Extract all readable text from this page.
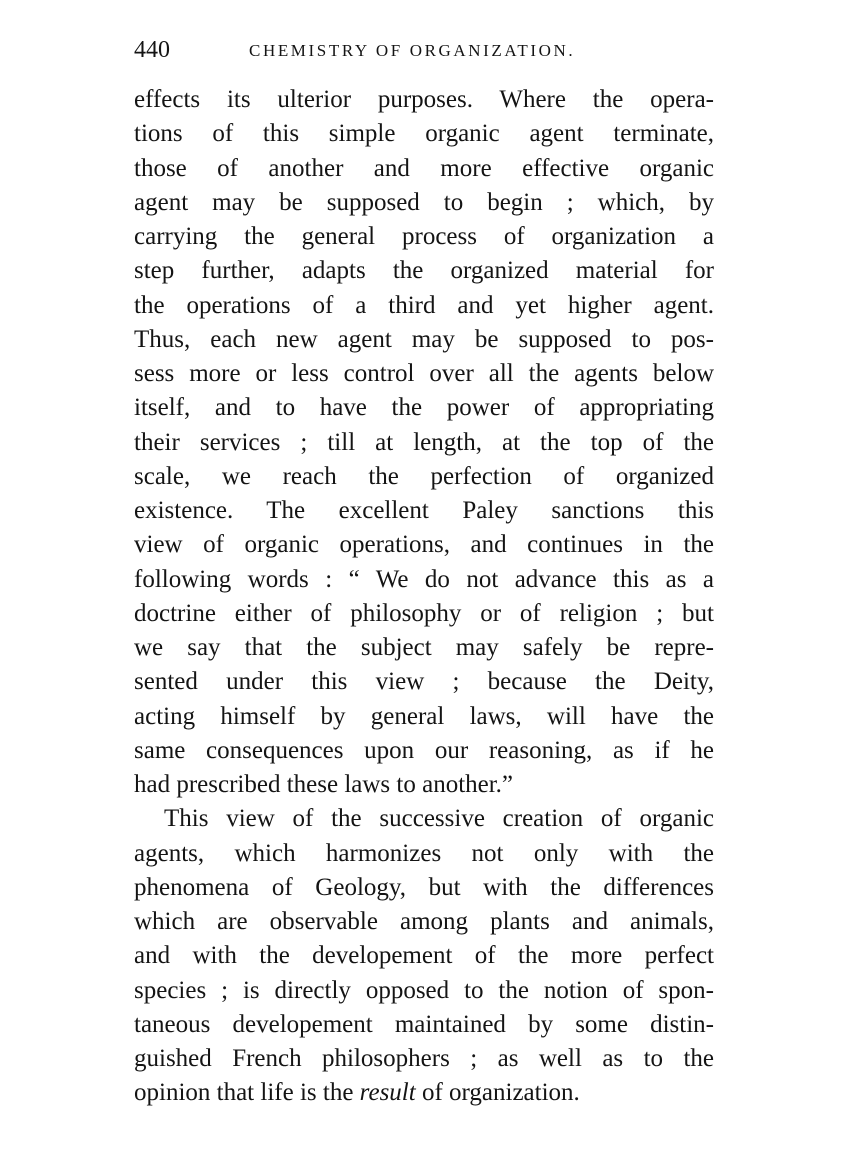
440	CHEMISTRY OF ORGANIZATION.
effects its ulterior purposes. Where the opera-
tions of this simple organic agent terminate,
those of another and more effective organic
agent may be supposed to begin ; which, by
carrying the general process of organization a
step further, adapts the organized material for
the operations of a third and yet higher agent.
Thus, each new agent may be supposed to pos-
sess more or less control over all the agents below
itself, and to have the power of appropriating
their services ; till at length, at the top of the
scale, we reach the perfection of organized
existence. The excellent Paley sanctions this
view of organic operations, and continues in the
following words : “ We do not advance this as a
doctrine either of philosophy or of religion ; but
we say that the subject may safely be repre-
sented under this view ; because the Deity,
acting himself by general laws, will have the
same consequences upon our reasoning, as if he
had prescribed these laws to another.”
This view of the successive creation of organic
agents, which harmonizes not only with the
phenomena of Geology, but with the differences
which are observable among plants and animals,
and with the developement of the more perfect
species ; is directly opposed to the notion of spon-
taneous developement maintained by some distin-
guished French philosophers ; as well as to the
opinion that life is the result of organization.
